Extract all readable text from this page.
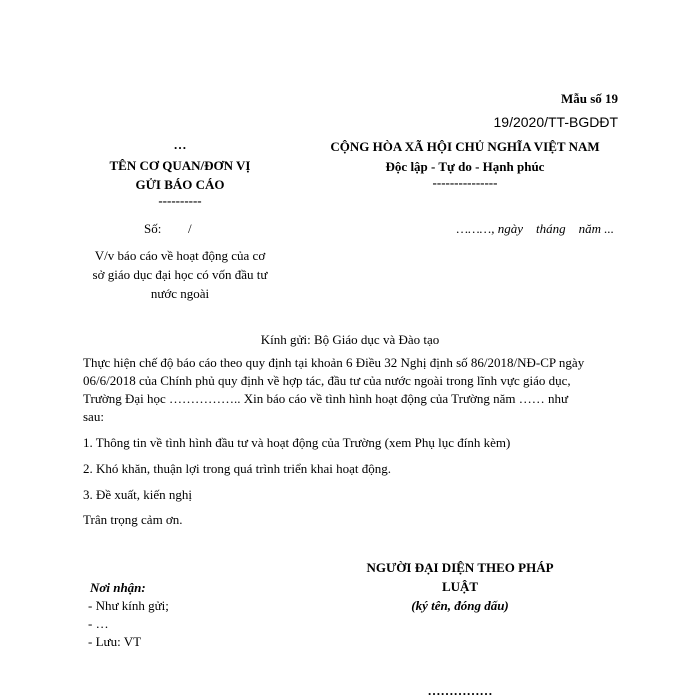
Mẫu số 19
19/2020/TT-BGDĐT
…
TÊN CƠ QUAN/ĐƠN VỊ
GỬI BÁO CÁO
----------
Số: /
V/v báo cáo về hoạt động của cơ
sở giáo dục đại học có vốn đầu tư
nước ngoài
CỘNG HÒA XÃ HỘI CHỦ NGHĨA VIỆT NAM
Độc lập - Tự do - Hạnh phúc
---------------
………, ngày    tháng    năm ...
Kính gửi: Bộ Giáo dục và Đào tạo
Thực hiện chế độ báo cáo theo quy định tại khoản 6 Điều 32 Nghị định số 86/2018/NĐ-CP ngày
06/6/2018 của Chính phủ quy định về hợp tác, đầu tư của nước ngoài trong lĩnh vực giáo dục,
Trường Đại học …………….. Xin báo cáo về tình hình hoạt động của Trường năm …… như
sau:
1. Thông tin về tình hình đầu tư và hoạt động của Trường (xem Phụ lục đính kèm)
2. Khó khăn, thuận lợi trong quá trình triển khai hoạt động.
3. Đề xuất, kiến nghị
Trân trọng cảm ơn.
NGƯỜI ĐẠI DIỆN THEO PHÁP
LUẬT
(ký tên, đóng dấu)
……………
Nơi nhận:
- Như kính gửi;
- …
- Lưu: VT
